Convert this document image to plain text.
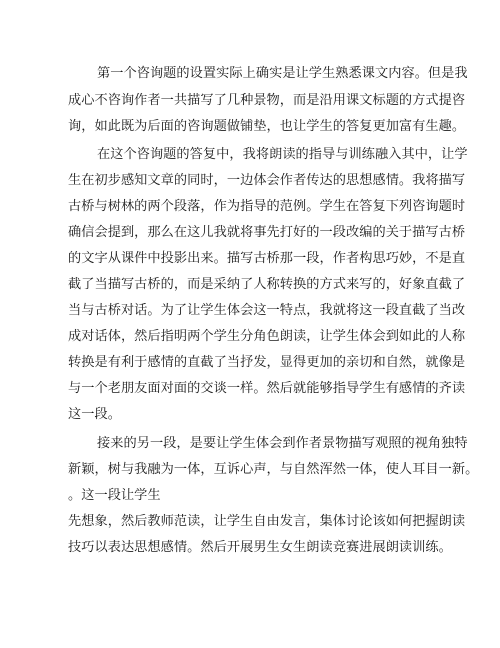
第一个咨询题的设置实际上确实是让学生熟悉课文内容。但是我
成心不咨询作者一共描写了几种景物，而是沿用课文标题的方式提咨
询，如此既为后面的咨询题做铺垫，也让学生的答复更加富有生趣。
在这个咨询题的答复中，我将朗读的指导与训练融入其中，让学
生在初步感知文章的同时，一边体会作者传达的思想感情。我将描写
古桥与树林的两个段落，作为指导的范例。学生在答复下列咨询题时
确信会提到，那么在这儿我就将事先打好的一段改编的关于描写古桥
的文字从课件中投影出来。描写古桥那一段，作者构思巧妙，不是直
截了当描写古桥的，而是采纳了人称转换的方式来写的，好象直截了
当与古桥对话。为了让学生体会这一特点，我就将这一段直截了当改
成对话体，然后指明两个学生分角色朗读，让学生体会到如此的人称
转换是有利于感情的直截了当抒发，显得更加的亲切和自然，就像是
与一个老朋友面对面的交谈一样。然后就能够指导学生有感情的齐读
这一段。
接来的另一段，是要让学生体会到作者景物描写观照的视角独特
新颖，树与我融为一体，互诉心声，与自然浑然一体，使人耳目一新。
。这一段让学生
先想象，然后教师范读，让学生自由发言，集体讨论该如何把握朗读
技巧以表达思想感情。然后开展男生女生朗读竞赛进展朗读训练。
